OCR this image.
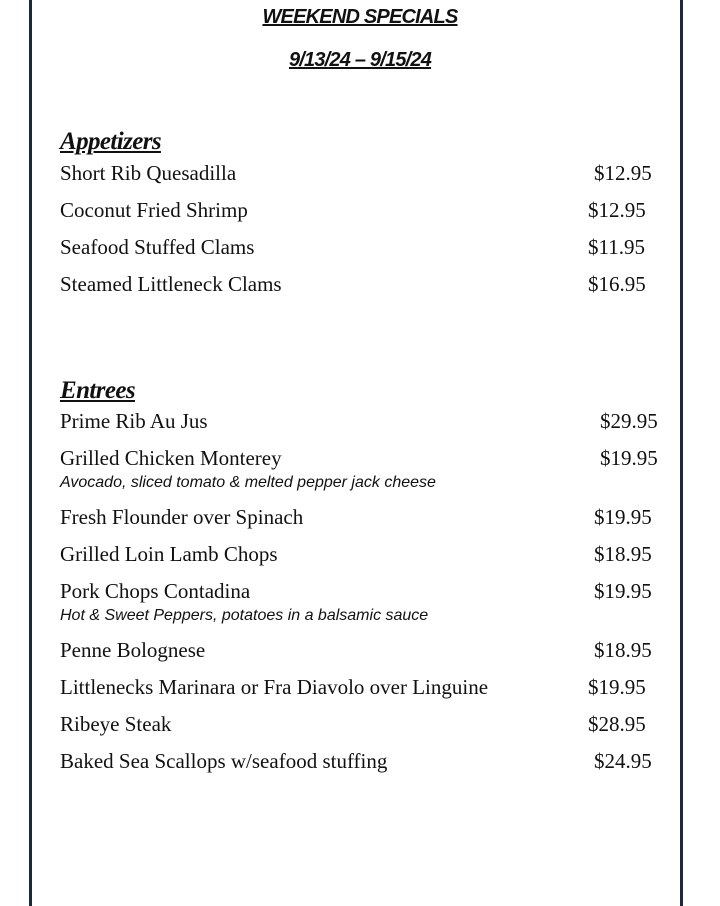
WEEKEND SPECIALS
9/13/24 – 9/15/24
Appetizers
Short Rib Quesadilla	$12.95
Coconut Fried Shrimp	$12.95
Seafood Stuffed Clams	$11.95
Steamed Littleneck Clams	$16.95
Entrees
Prime Rib Au Jus	$29.95
Grilled Chicken Monterey	$19.95
Avocado, sliced tomato & melted pepper jack cheese
Fresh Flounder over Spinach	$19.95
Grilled Loin Lamb Chops	$18.95
Pork Chops Contadina	$19.95
Hot & Sweet Peppers, potatoes in a balsamic sauce
Penne Bolognese	$18.95
Littlenecks Marinara or Fra Diavolo over Linguine	$19.95
Ribeye Steak	$28.95
Baked Sea Scallops w/seafood stuffing	$24.95
